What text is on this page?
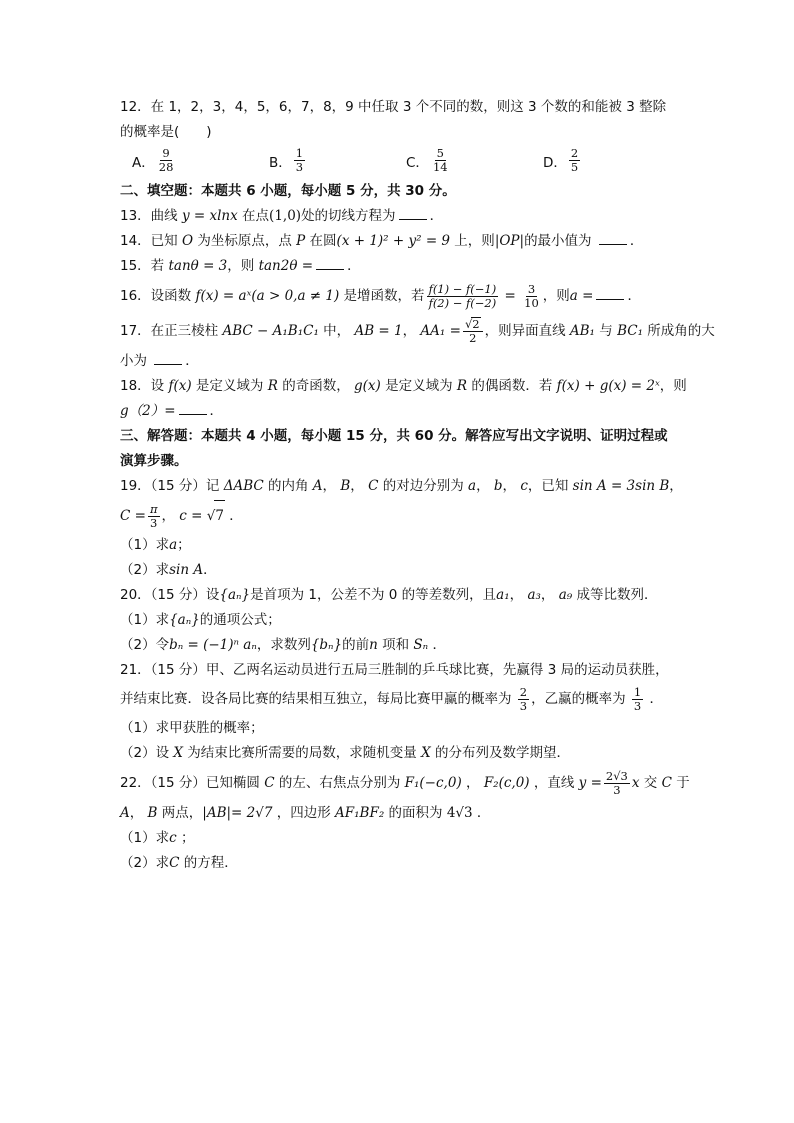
12．在 1，2，3，4，5，6，7，8，9 中任取 3 个不同的数，则这 3 个数的和能被 3 整除
的概率是(　　)
A． $\frac{9}{28}$	B． $\frac{1}{3}$	C． $\frac{5}{14}$	D． $\frac{2}{5}$
二、填空题：本题共 6 小题，每小题 5 分，共 30 分。
13．曲线 y = xlnx 在点(1,0)处的切线方程为	．
14．已知 O 为坐标原点，点 P 在圆(x + 1)² + y² = 9 上，则|OP|的最小值为	．
15．若 tanθ = 3，则 tan2θ =	．
16．设函数 f(x) = aˣ(a > 0,a ≠ 1) 是增函数，若 $\frac{f(1) - f(-1)}{f(2) - f(-2)} = \frac{3}{10}$ ，则a =	．
17．在正三棱柱 ABC − A₁B₁C₁ 中， AB = 1， $AA_1 = \frac{√2}{2}$ ，则异面直线 AB₁ 与 BC₁ 所成角的大
小为	．
18．设 f(x) 是定义域为 R 的奇函数， g(x) 是定义域为 R 的偶函数．若 f(x) + g(x) = 2ˣ，则
g（2）=	．
三、解答题：本题共 4 小题，每小题 15 分，共 60 分。解答应写出文字说明、证明过程或
演算步骤。
19．（15 分）记 ΔABC 的内角 A， B， C 的对边分别为 a， b， c，已知 sin A = 3sin B，
$C = \frac{\pi}{3}$ ， c = √7 ．
（1）求a；
（2）求sin A．
20．（15 分）设{aₙ}是首项为 1，公差不为 0 的等差数列，且a₁， a₃， a₉ 成等比数列．
（1）求{aₙ}的通项公式；
（2）令bₙ = (−1)ⁿ aₙ，求数列{bₙ}的前n 项和 Sₙ ．
21．（15 分）甲、乙两名运动员进行五局三胜制的乒乓球比赛，先赢得 3 局的运动员获胜，
并结束比赛．设各局比赛的结果相互独立，每局比赛甲赢的概率为 $\frac{2}{3}$ ，乙赢的概率为 $\frac{1}{3}$ ．
（1）求甲获胜的概率；
（2）设 X 为结束比赛所需要的局数，求随机变量 X 的分布列及数学期望．
22．（15 分）已知椭圆 C 的左、右焦点分别为 F₁(−c,0) ， F₂(c,0) ，直线 $y = \frac{2√3}{3}$ x 交 C 于
A， B 两点，|AB|= 2√7 ，四边形 AF₁BF₂ 的面积为 4√3 ．
（1）求c ；
（2）求C 的方程．
